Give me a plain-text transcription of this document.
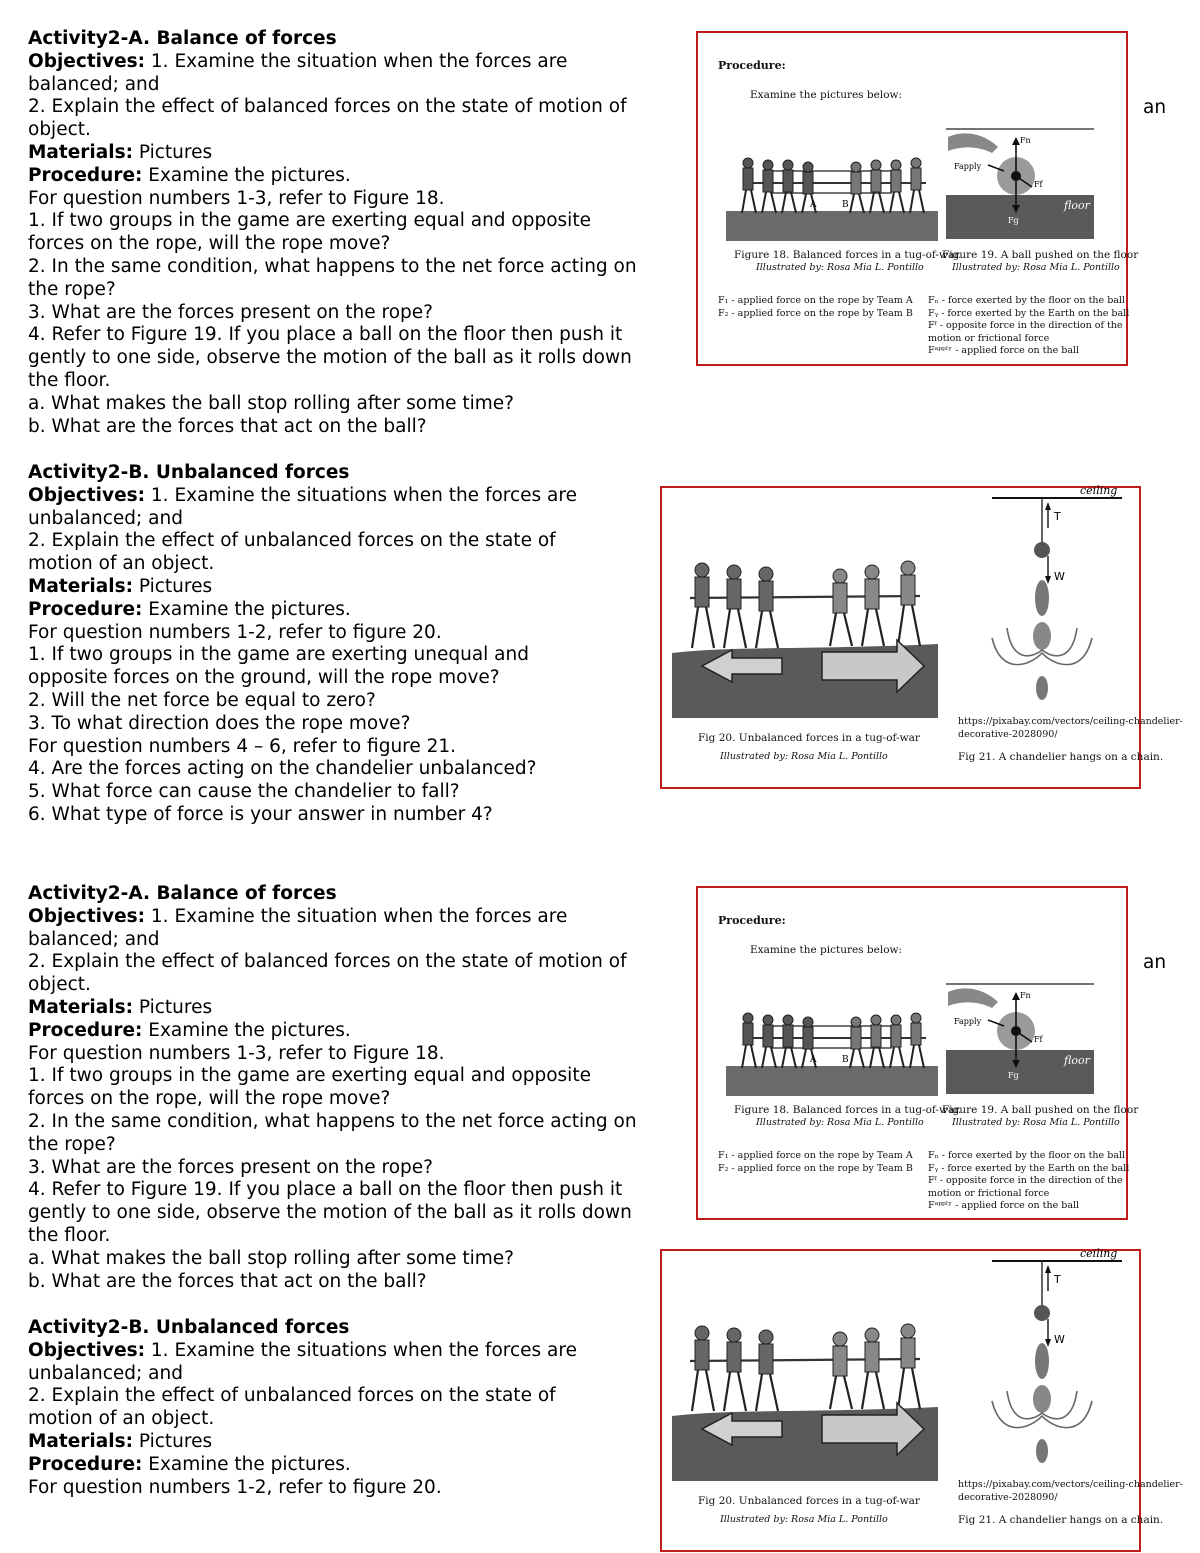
Activity2-A. Balance of forces
Objectives: 1. Examine the situation when the forces are
balanced; and
2. Explain the effect of balanced forces on the state of motion of
object.
Materials: Pictures
Procedure: Examine the pictures.
For question numbers 1-3, refer to Figure 18.
1. If two groups in the game are exerting equal and opposite
forces on the rope, will the rope move?
2. In the same condition, what happens to the net force acting on
the rope?
3. What are the forces present on the rope?
4. Refer to Figure 19. If you place a ball on the floor then push it
gently to one side, observe the motion of the ball as it rolls down
the floor.
a. What makes the ball stop rolling after some time?
b. What are the forces that act on the ball?
an
Activity2-B. Unbalanced forces
Objectives: 1. Examine the situations when the forces are
unbalanced; and
2. Explain the effect of unbalanced forces on the state of
motion of an object.
Materials: Pictures
Procedure: Examine the pictures.
For question numbers 1-2, refer to figure 20.
1. If two groups in the game are exerting unequal and
opposite forces on the ground, will the rope move?
2. Will the net force be equal to zero?
3. To what direction does the rope move?
For question numbers 4 – 6, refer to figure 21.
4. Are the forces acting on the chandelier unbalanced?
5. What force can cause the chandelier to fall?
6. What type of force is your answer in number 4?
Activity2-A. Balance of forces
Objectives: 1. Examine the situation when the forces are
balanced; and
2. Explain the effect of balanced forces on the state of motion of
object.
Materials: Pictures
Procedure: Examine the pictures.
For question numbers 1-3, refer to Figure 18.
1. If two groups in the game are exerting equal and opposite
forces on the rope, will the rope move?
2. In the same condition, what happens to the net force acting on
the rope?
3. What are the forces present on the rope?
4. Refer to Figure 19. If you place a ball on the floor then push it
gently to one side, observe the motion of the ball as it rolls down
the floor.
a. What makes the ball stop rolling after some time?
b. What are the forces that act on the ball?
an
Activity2-B. Unbalanced forces
Objectives: 1. Examine the situations when the forces are
unbalanced; and
2. Explain the effect of unbalanced forces on the state of
motion of an object.
Materials: Pictures
Procedure: Examine the pictures.
For question numbers 1-2, refer to figure 20.
Procedure:
Examine the pictures below:
A	B
Fapply
Fn
Ff
Fg
floor
Figure 18. Balanced forces in a tug-of-war.
Illustrated by: Rosa Mia L. Pontillo
Figure 19. A ball pushed on the floor
Illustrated by: Rosa Mia L. Pontillo
F₁ - applied force on the rope by Team A
F₂ - applied force on the rope by Team B
Fₙ - force exerted by the floor on the ball
Fᵧ - force exerted by the Earth on the ball
Fᶠ - opposite force in the direction of the
motion or frictional force
Fᵃᵖᵖˡʸ - applied force on the ball
ceiling
T
W
Fig 20. Unbalanced forces in a tug-of-war
Illustrated by: Rosa Mia L. Pontillo
https://pixabay.com/vectors/ceiling-chandelier-
decorative-2028090/
Fig 21. A chandelier hangs on a chain.
Procedure:
Examine the pictures below:
A	B
Fapply
Fn
Ff
Fg
floor
Figure 18. Balanced forces in a tug-of-war.
Illustrated by: Rosa Mia L. Pontillo
Figure 19. A ball pushed on the floor
Illustrated by: Rosa Mia L. Pontillo
F₁ - applied force on the rope by Team A
F₂ - applied force on the rope by Team B
Fₙ - force exerted by the floor on the ball
Fᵧ - force exerted by the Earth on the ball
Fᶠ - opposite force in the direction of the
motion or frictional force
Fᵃᵖᵖˡʸ - applied force on the ball
ceiling
T
W
Fig 20. Unbalanced forces in a tug-of-war
Illustrated by: Rosa Mia L. Pontillo
https://pixabay.com/vectors/ceiling-chandelier-
decorative-2028090/
Fig 21. A chandelier hangs on a chain.
